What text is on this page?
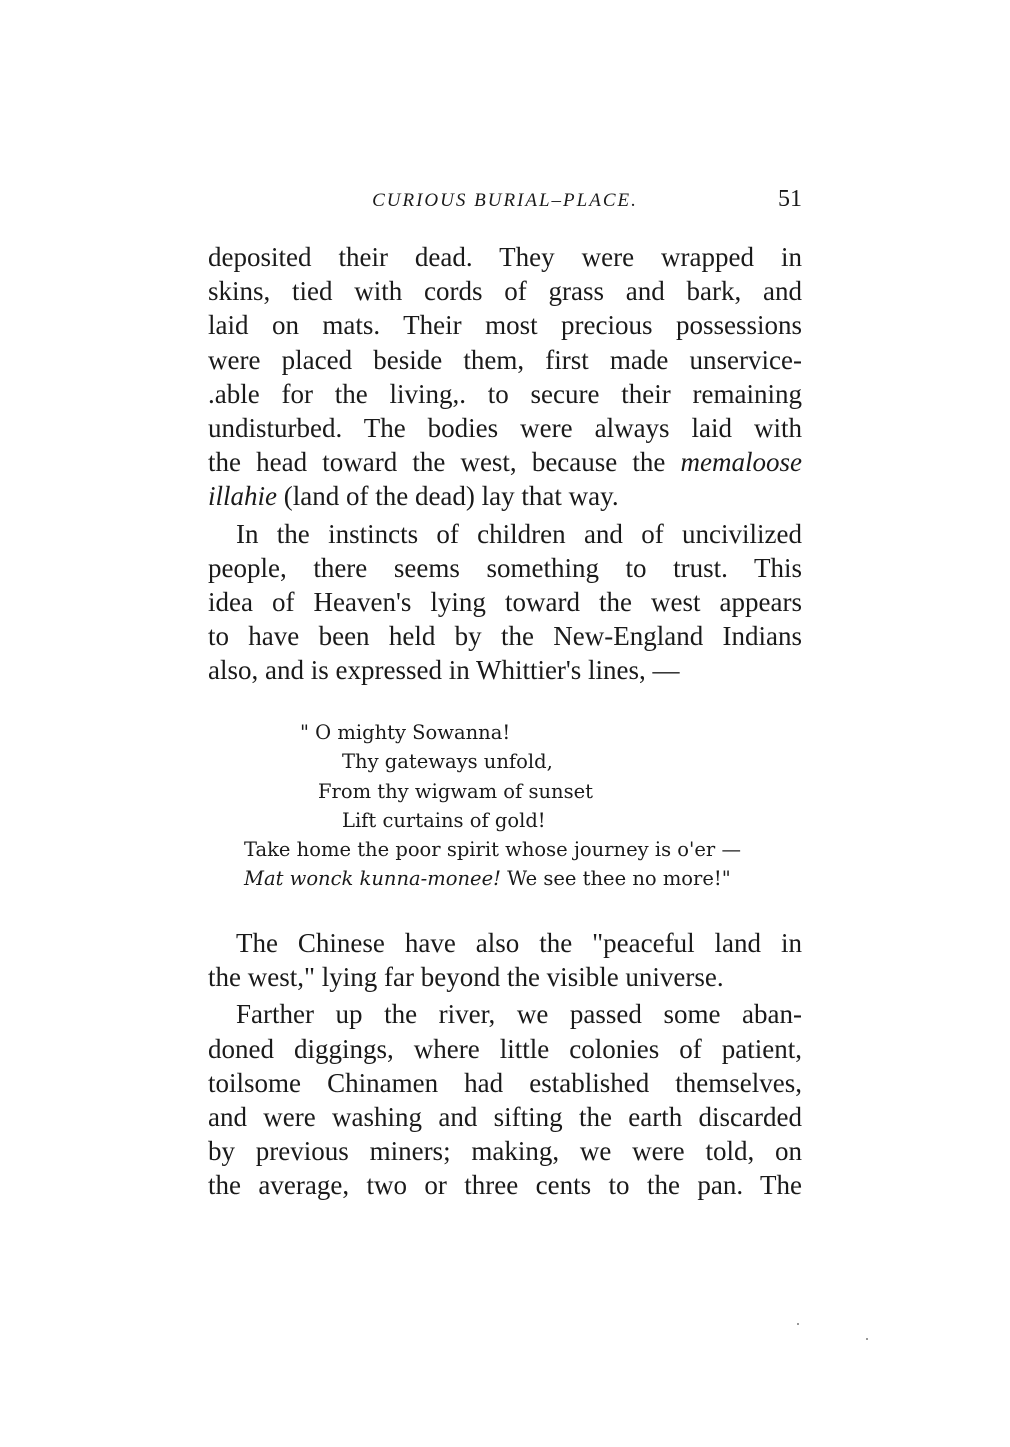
CURIOUS BURIAL–PLACE.	51
deposited their dead. They were wrapped in
skins, tied with cords of grass and bark, and
laid on mats. Their most precious possessions
were placed beside them, first made unservice-
.able for the living,. to secure their remaining
undisturbed. The bodies were always laid with
the head toward the west, because the memaloose
illahie (land of the dead) lay that way.
In the instincts of children and of uncivilized
people, there seems something to trust. This
idea of Heaven's lying toward the west appears
to have been held by the New-England Indians
also, and is expressed in Whittier's lines, —
" O mighty Sowanna!
Thy gateways unfold,
From thy wigwam of sunset
Lift curtains of gold!
Take home the poor spirit whose journey is o'er —
Mat wonck kunna-monee! We see thee no more!"
The Chinese have also the "peaceful land in
the west," lying far beyond the visible universe.
Farther up the river, we passed some aban-
doned diggings, where little colonies of patient,
toilsome Chinamen had established themselves,
and were washing and sifting the earth discarded
by previous miners; making, we were told, on
the average, two or three cents to the pan. The
